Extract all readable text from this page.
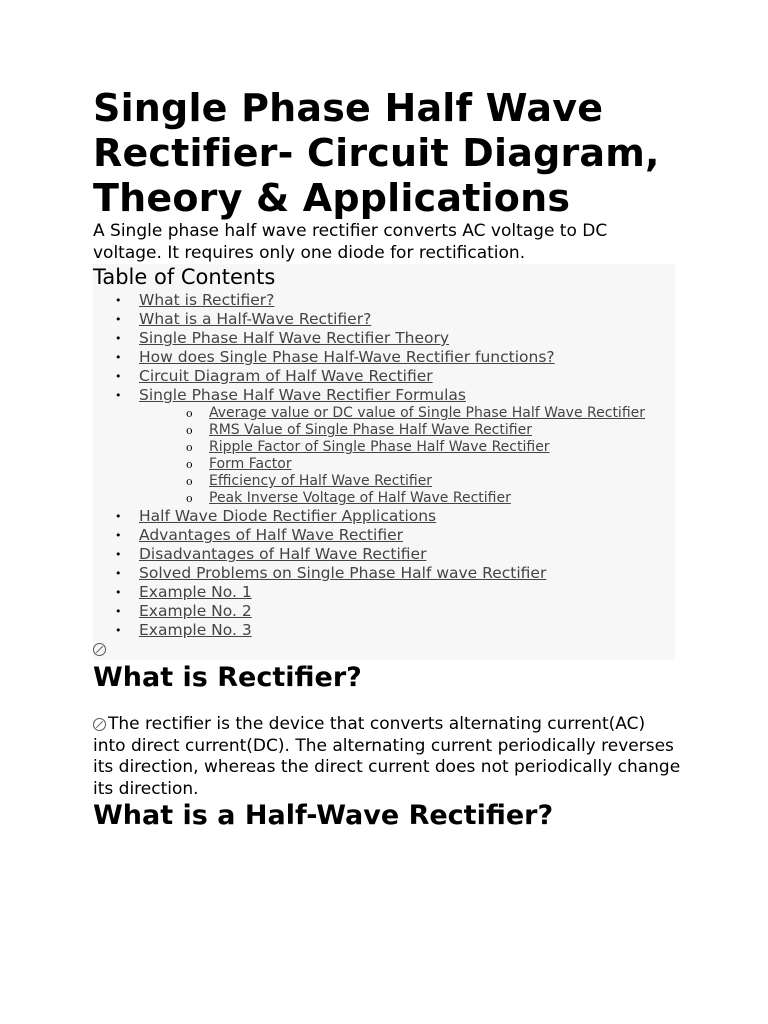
Single Phase Half Wave Rectifier- Circuit Diagram, Theory & Applications

A Single phase half wave rectifier converts AC voltage to DC voltage. It requires only one diode for rectification.

Table of Contents
• What is Rectifier?
• What is a Half-Wave Rectifier?
• Single Phase Half Wave Rectifier Theory
• How does Single Phase Half-Wave Rectifier functions?
• Circuit Diagram of Half Wave Rectifier
• Single Phase Half Wave Rectifier Formulas
o Average value or DC value of Single Phase Half Wave Rectifier
o RMS Value of Single Phase Half Wave Rectifier
o Ripple Factor of Single Phase Half Wave Rectifier
o Form Factor
o Efficiency of Half Wave Rectifier
o Peak Inverse Voltage of Half Wave Rectifier
• Half Wave Diode Rectifier Applications
• Advantages of Half Wave Rectifier
• Disadvantages of Half Wave Rectifier
• Solved Problems on Single Phase Half wave Rectifier
• Example No. 1
• Example No. 2
• Example No. 3
What is Rectifier?

The rectifier is the device that converts alternating current(AC) into direct current(DC). The alternating current periodically reverses its direction, whereas the direct current does not periodically change its direction.

What is a Half-Wave Rectifier?
